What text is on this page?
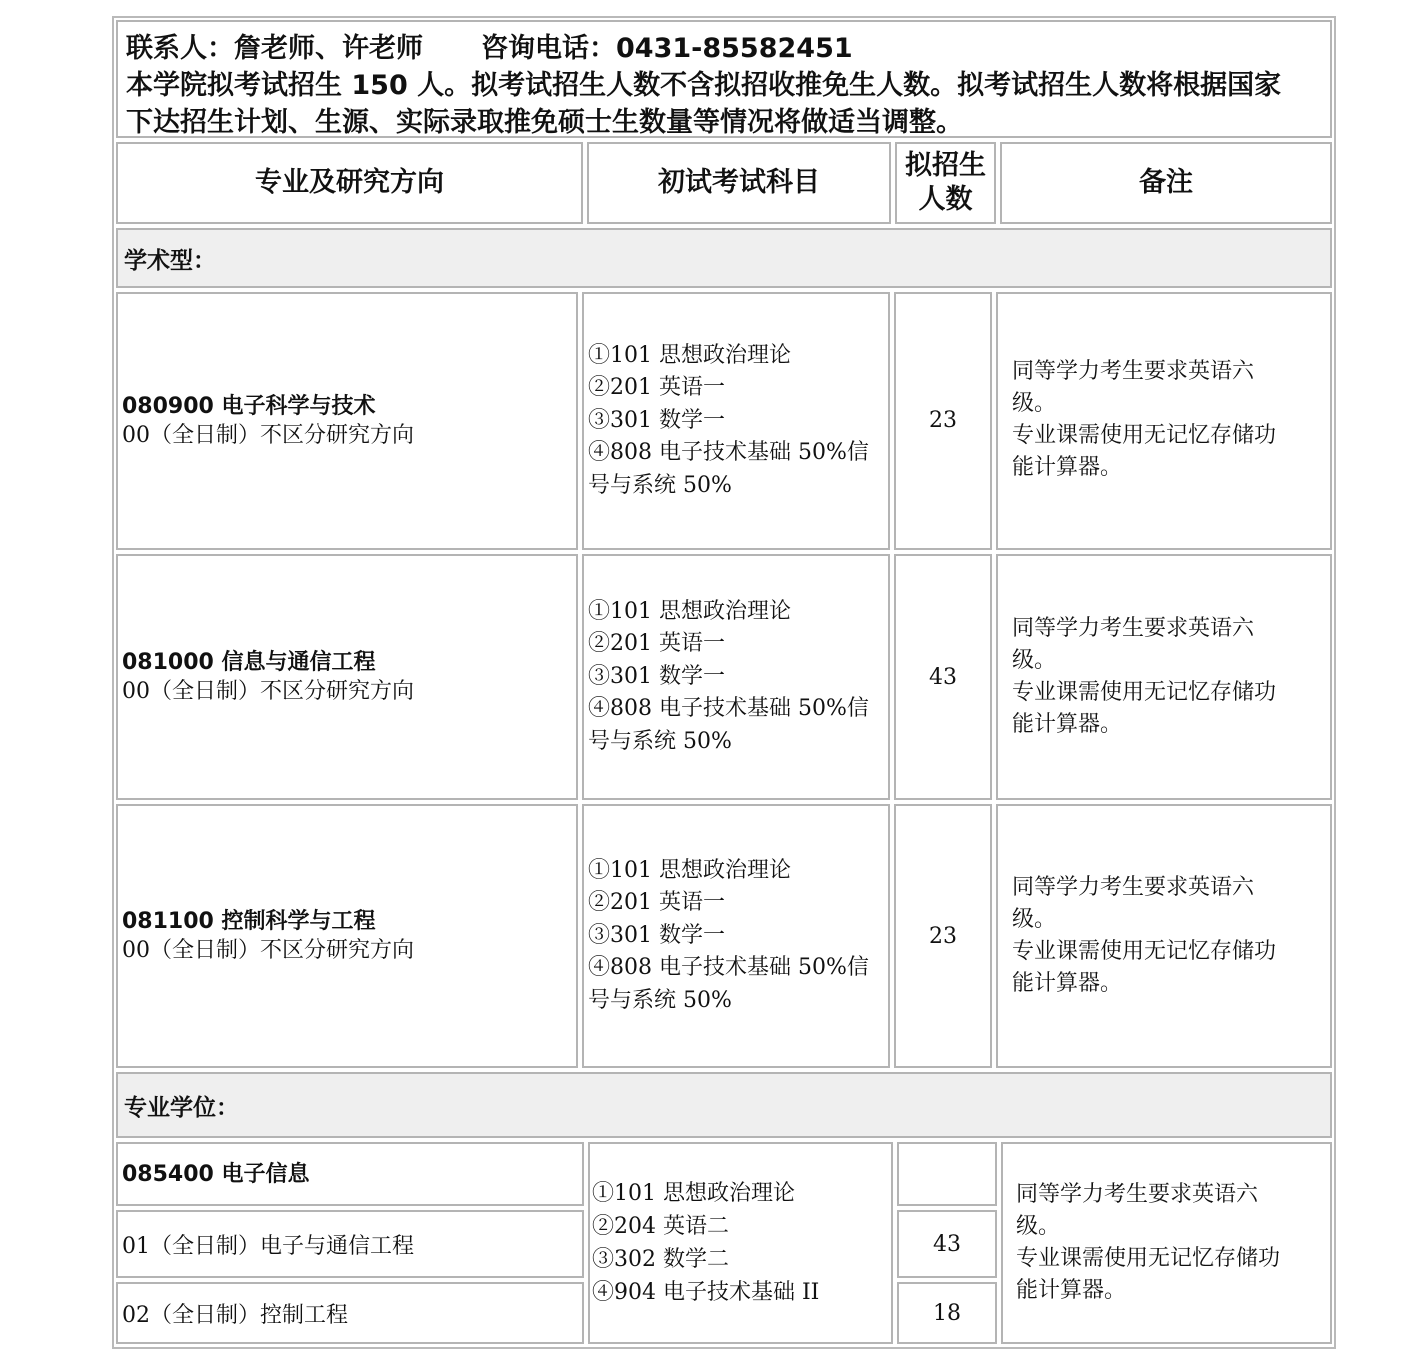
联系人：詹老师、许老师 咨询电话：0431-85582451
本学院拟考试招生 150 人。拟考试招生人数不含拟招收推免生人数。拟考试招生人数将根据国家
下达招生计划、生源、实际录取推免硕士生数量等情况将做适当调整。
专业及研究方向	初试考试科目
拟招生
人数
备注
学术型：
080900 电子科学与技术
00（全日制）不区分研究方向
①101 思想政治理论
②201 英语一
③301 数学一
④808 电子技术基础 50%信
号与系统 50%
23
同等学力考生要求英语六
级。
专业课需使用无记忆存储功
能计算器。
081000 信息与通信工程
00（全日制）不区分研究方向
①101 思想政治理论
②201 英语一
③301 数学一
④808 电子技术基础 50%信
号与系统 50%
43
同等学力考生要求英语六
级。
专业课需使用无记忆存储功
能计算器。
081100 控制科学与工程
00（全日制）不区分研究方向
①101 思想政治理论
②201 英语一
③301 数学一
④808 电子技术基础 50%信
号与系统 50%
23
同等学力考生要求英语六
级。
专业课需使用无记忆存储功
能计算器。
专业学位：
085400 电子信息
01（全日制）电子与通信工程
02（全日制）控制工程
①101 思想政治理论
②204 英语二
③302 数学二
④904 电子技术基础 II
43
18
同等学力考生要求英语六
级。
专业课需使用无记忆存储功
能计算器。
